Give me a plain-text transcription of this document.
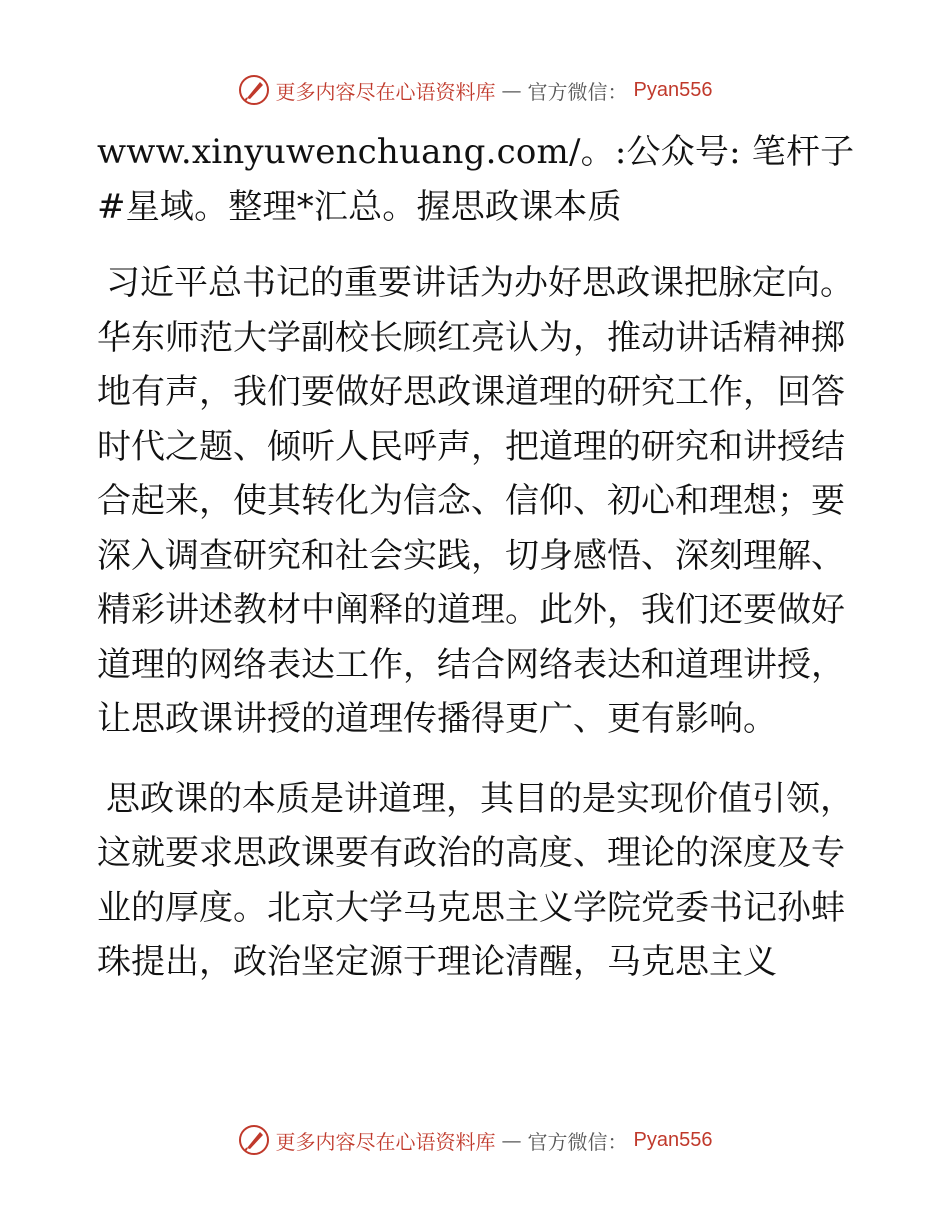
更多内容尽在心语资料库 — 官方微信： Pyan556

www.xinyuwenchuang.com/。:公众号: 笔杆子#星域。整理*汇总。握思政课本质

习近平总书记的重要讲话为办好思政课把脉定向。华东师范大学副校长顾红亮认为，推动讲话精神掷地有声，我们要做好思政课道理的研究工作，回答时代之题、倾听人民呼声，把道理的研究和讲授结合起来，使其转化为信念、信仰、初心和理想；要深入调查研究和社会实践，切身感悟、深刻理解、精彩讲述教材中阐释的道理。此外，我们还要做好道理的网络表达工作，结合网络表达和道理讲授，让思政课讲授的道理传播得更广、更有影响。

思政课的本质是讲道理，其目的是实现价值引领，这就要求思政课要有政治的高度、理论的深度及专业的厚度。北京大学马克思主义学院党委书记孙蚌珠提出，政治坚定源于理论清醒，马克思主义

更多内容尽在心语资料库 — 官方微信： Pyan556
